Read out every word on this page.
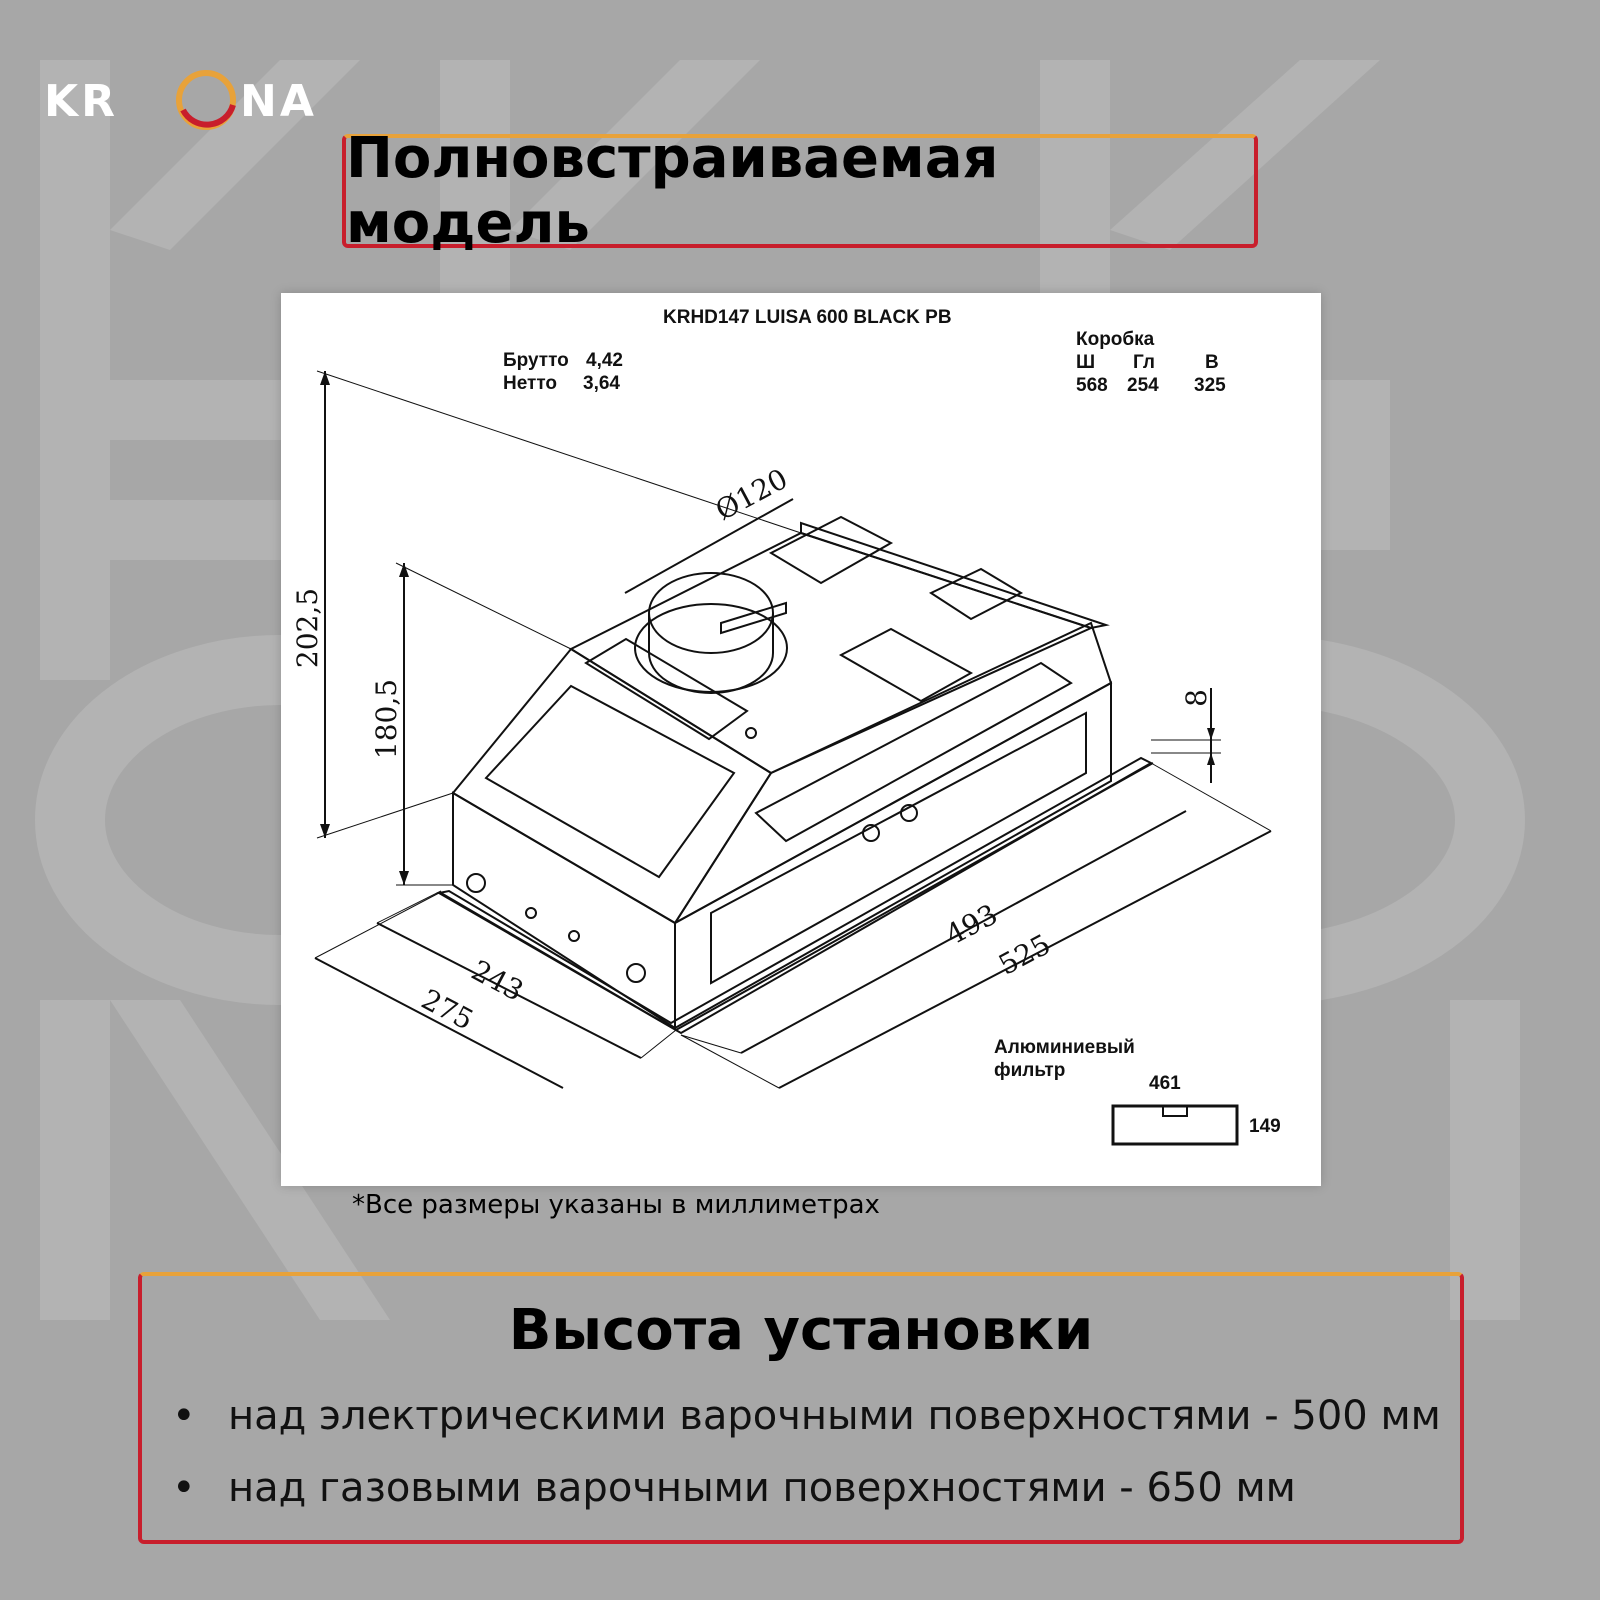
KR	NA
Полновстраиваемая модель
202,5
180,5
Ø120
8
243
275
493
525
KRHD147 LUISA 600 BLACK PB
Брутто 4,42
Нетто 3,64
Коробка
Ш Гл	В
568 254 325
Алюминиевый
фильтр
461
149
*Все размеры указаны в миллиметрах
Высота установки
• над электрическими варочными поверхностями - 500 мм
• над газовыми варочными поверхностями - 650 мм
